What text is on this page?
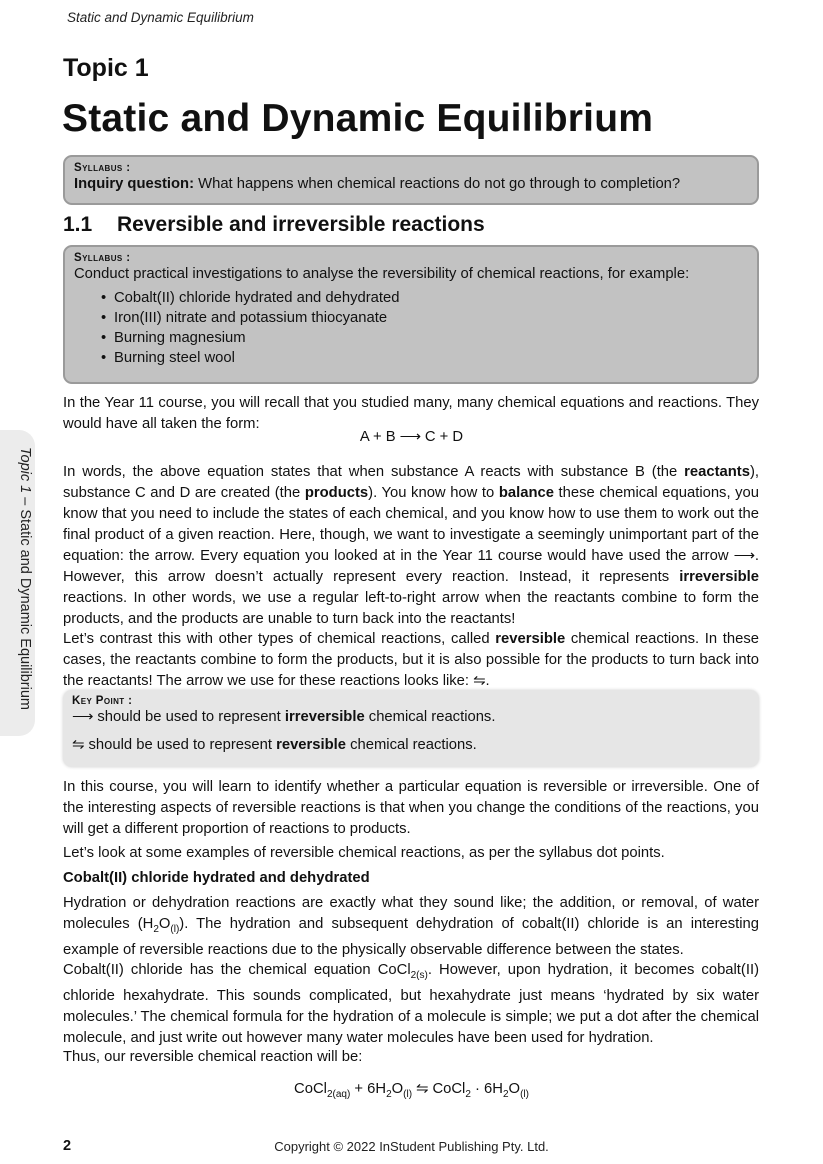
Static and Dynamic Equilibrium
Topic 1
Static and Dynamic Equilibrium
Syllabus :
Inquiry question: What happens when chemical reactions do not go through to completion?
1.1 Reversible and irreversible reactions
Syllabus :
Conduct practical investigations to analyse the reversibility of chemical reactions, for example:
• Cobalt(II) chloride hydrated and dehydrated
• Iron(III) nitrate and potassium thiocyanate
• Burning magnesium
• Burning steel wool
In the Year 11 course, you will recall that you studied many, many chemical equations and reactions. They would have all taken the form:
A + B ⟶ C + D
In words, the above equation states that when substance A reacts with substance B (the reactants), substance C and D are created (the products). You know how to balance these chemical equations, you know that you need to include the states of each chemical, and you know how to use them to work out the final product of a given reaction. Here, though, we want to investigate a seemingly unimportant part of the equation: the arrow. Every equation you looked at in the Year 11 course would have used the arrow ⟶. However, this arrow doesn’t actually represent every reaction. Instead, it represents irreversible reactions. In other words, we use a regular left-to-right arrow when the reactants combine to form the products, and the products are unable to turn back into the reactants!
Let’s contrast this with other types of chemical reactions, called reversible chemical reactions. In these cases, the reactants combine to form the products, but it is also possible for the products to turn back into the reactants! The arrow we use for these reactions looks like: ⇋.
Key Point :
⟶ should be used to represent irreversible chemical reactions.
⇋ should be used to represent reversible chemical reactions.
In this course, you will learn to identify whether a particular equation is reversible or irreversible. One of the interesting aspects of reversible reactions is that when you change the conditions of the reactions, you will get a different proportion of reactions to products.
Let’s look at some examples of reversible chemical reactions, as per the syllabus dot points.
Cobalt(II) chloride hydrated and dehydrated
Hydration or dehydration reactions are exactly what they sound like; the addition, or removal, of water molecules $(H_2O_{(l)})$. The hydration and subsequent dehydration of cobalt(II) chloride is an interesting example of reversible reactions due to the physically observable difference between the states.
Cobalt(II) chloride has the chemical equation CoCl$_{2(s)}$. However, upon hydration, it becomes cobalt(II) chloride hexahydrate. This sounds complicated, but hexahydrate just means ‘hydrated by six water molecules.’ The chemical formula for the hydration of a molecule is simple; we put a dot after the chemical molecule, and just write out however many water molecules have been used for hydration.
Thus, our reversible chemical reaction will be:
CoCl$_{2(aq)}$ + $6H_2O_{(l)}$ ⇋ CoCl$_2$ · $6H_2O_{(l)}$
Topic 1 – Static and Dynamic Equilibrium
2	Copyright © 2022 InStudent Publishing Pty. Ltd.
